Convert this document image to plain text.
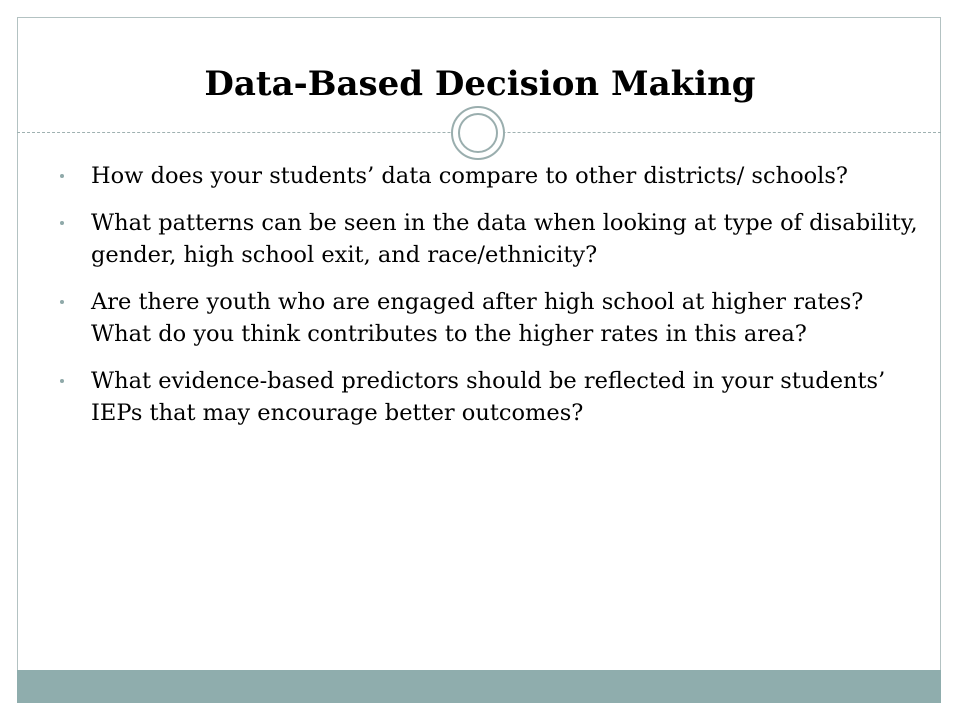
Data-Based Decision Making
How does your students’ data compare to other districts/ schools?
What patterns can be seen in the data when looking at type of disability, gender, high school exit, and race/ethnicity?
Are there youth who are engaged after high school at higher rates? What do you think contributes to the higher rates in this area?
What evidence-based predictors should be reflected in your students’ IEPs that may encourage better outcomes?
